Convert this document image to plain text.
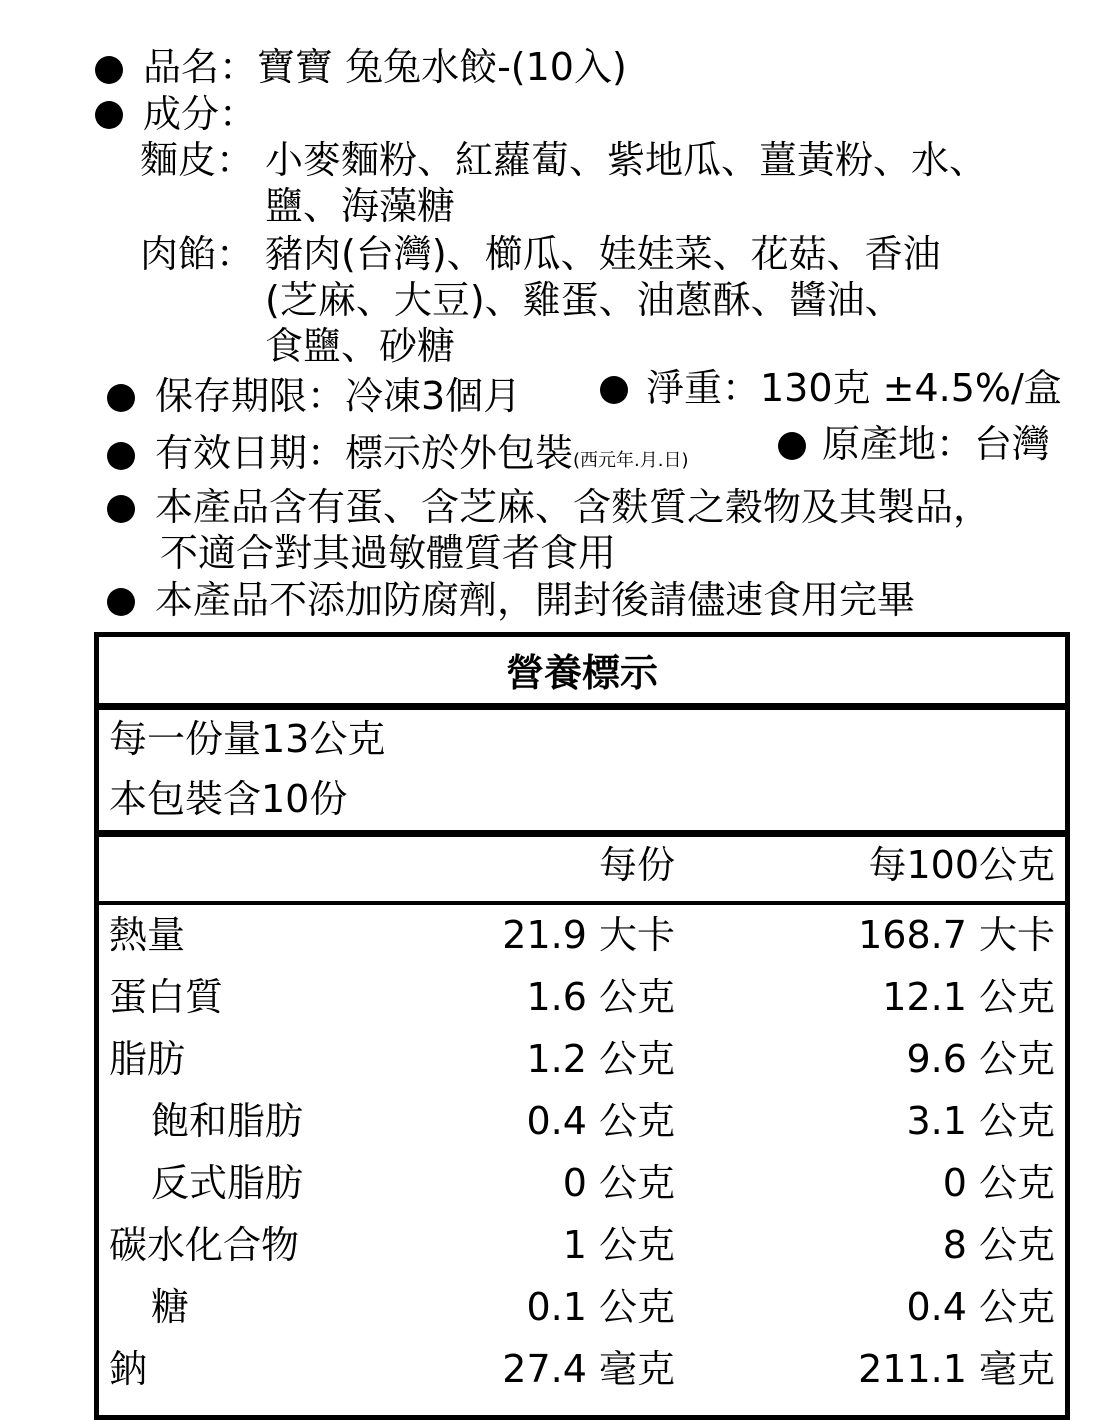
品名：寶寶 兔兔水餃-(10入)
成分：
麵皮： 小麥麵粉、紅蘿蔔、紫地瓜、薑黃粉、水、
鹽、海藻糖
肉餡： 豬肉(台灣)、櫛瓜、娃娃菜、花菇、香油
(芝麻、大豆)、雞蛋、油蔥酥、醬油、
食鹽、砂糖
保存期限：冷凍3個月	淨重：130克 ±4.5%/盒
有效日期：標示於外包裝(西元年.月.日)	原產地：台灣
本產品含有蛋、含芝麻、含麩質之穀物及其製品，
不適合對其過敏體質者食用
本產品不添加防腐劑，開封後請儘速食用完畢
營養標示
每一份量13公克
本包裝含10份
每份	每100公克
熱量	21.9 大卡	168.7 大卡
蛋白質	1.6 公克	12.1 公克
脂肪	1.2 公克	9.6 公克
飽和脂肪	0.4 公克	3.1 公克
反式脂肪	0 公克	0 公克
碳水化合物	1 公克	8 公克
糖	0.1 公克	0.4 公克
鈉	27.4 毫克	211.1 毫克
